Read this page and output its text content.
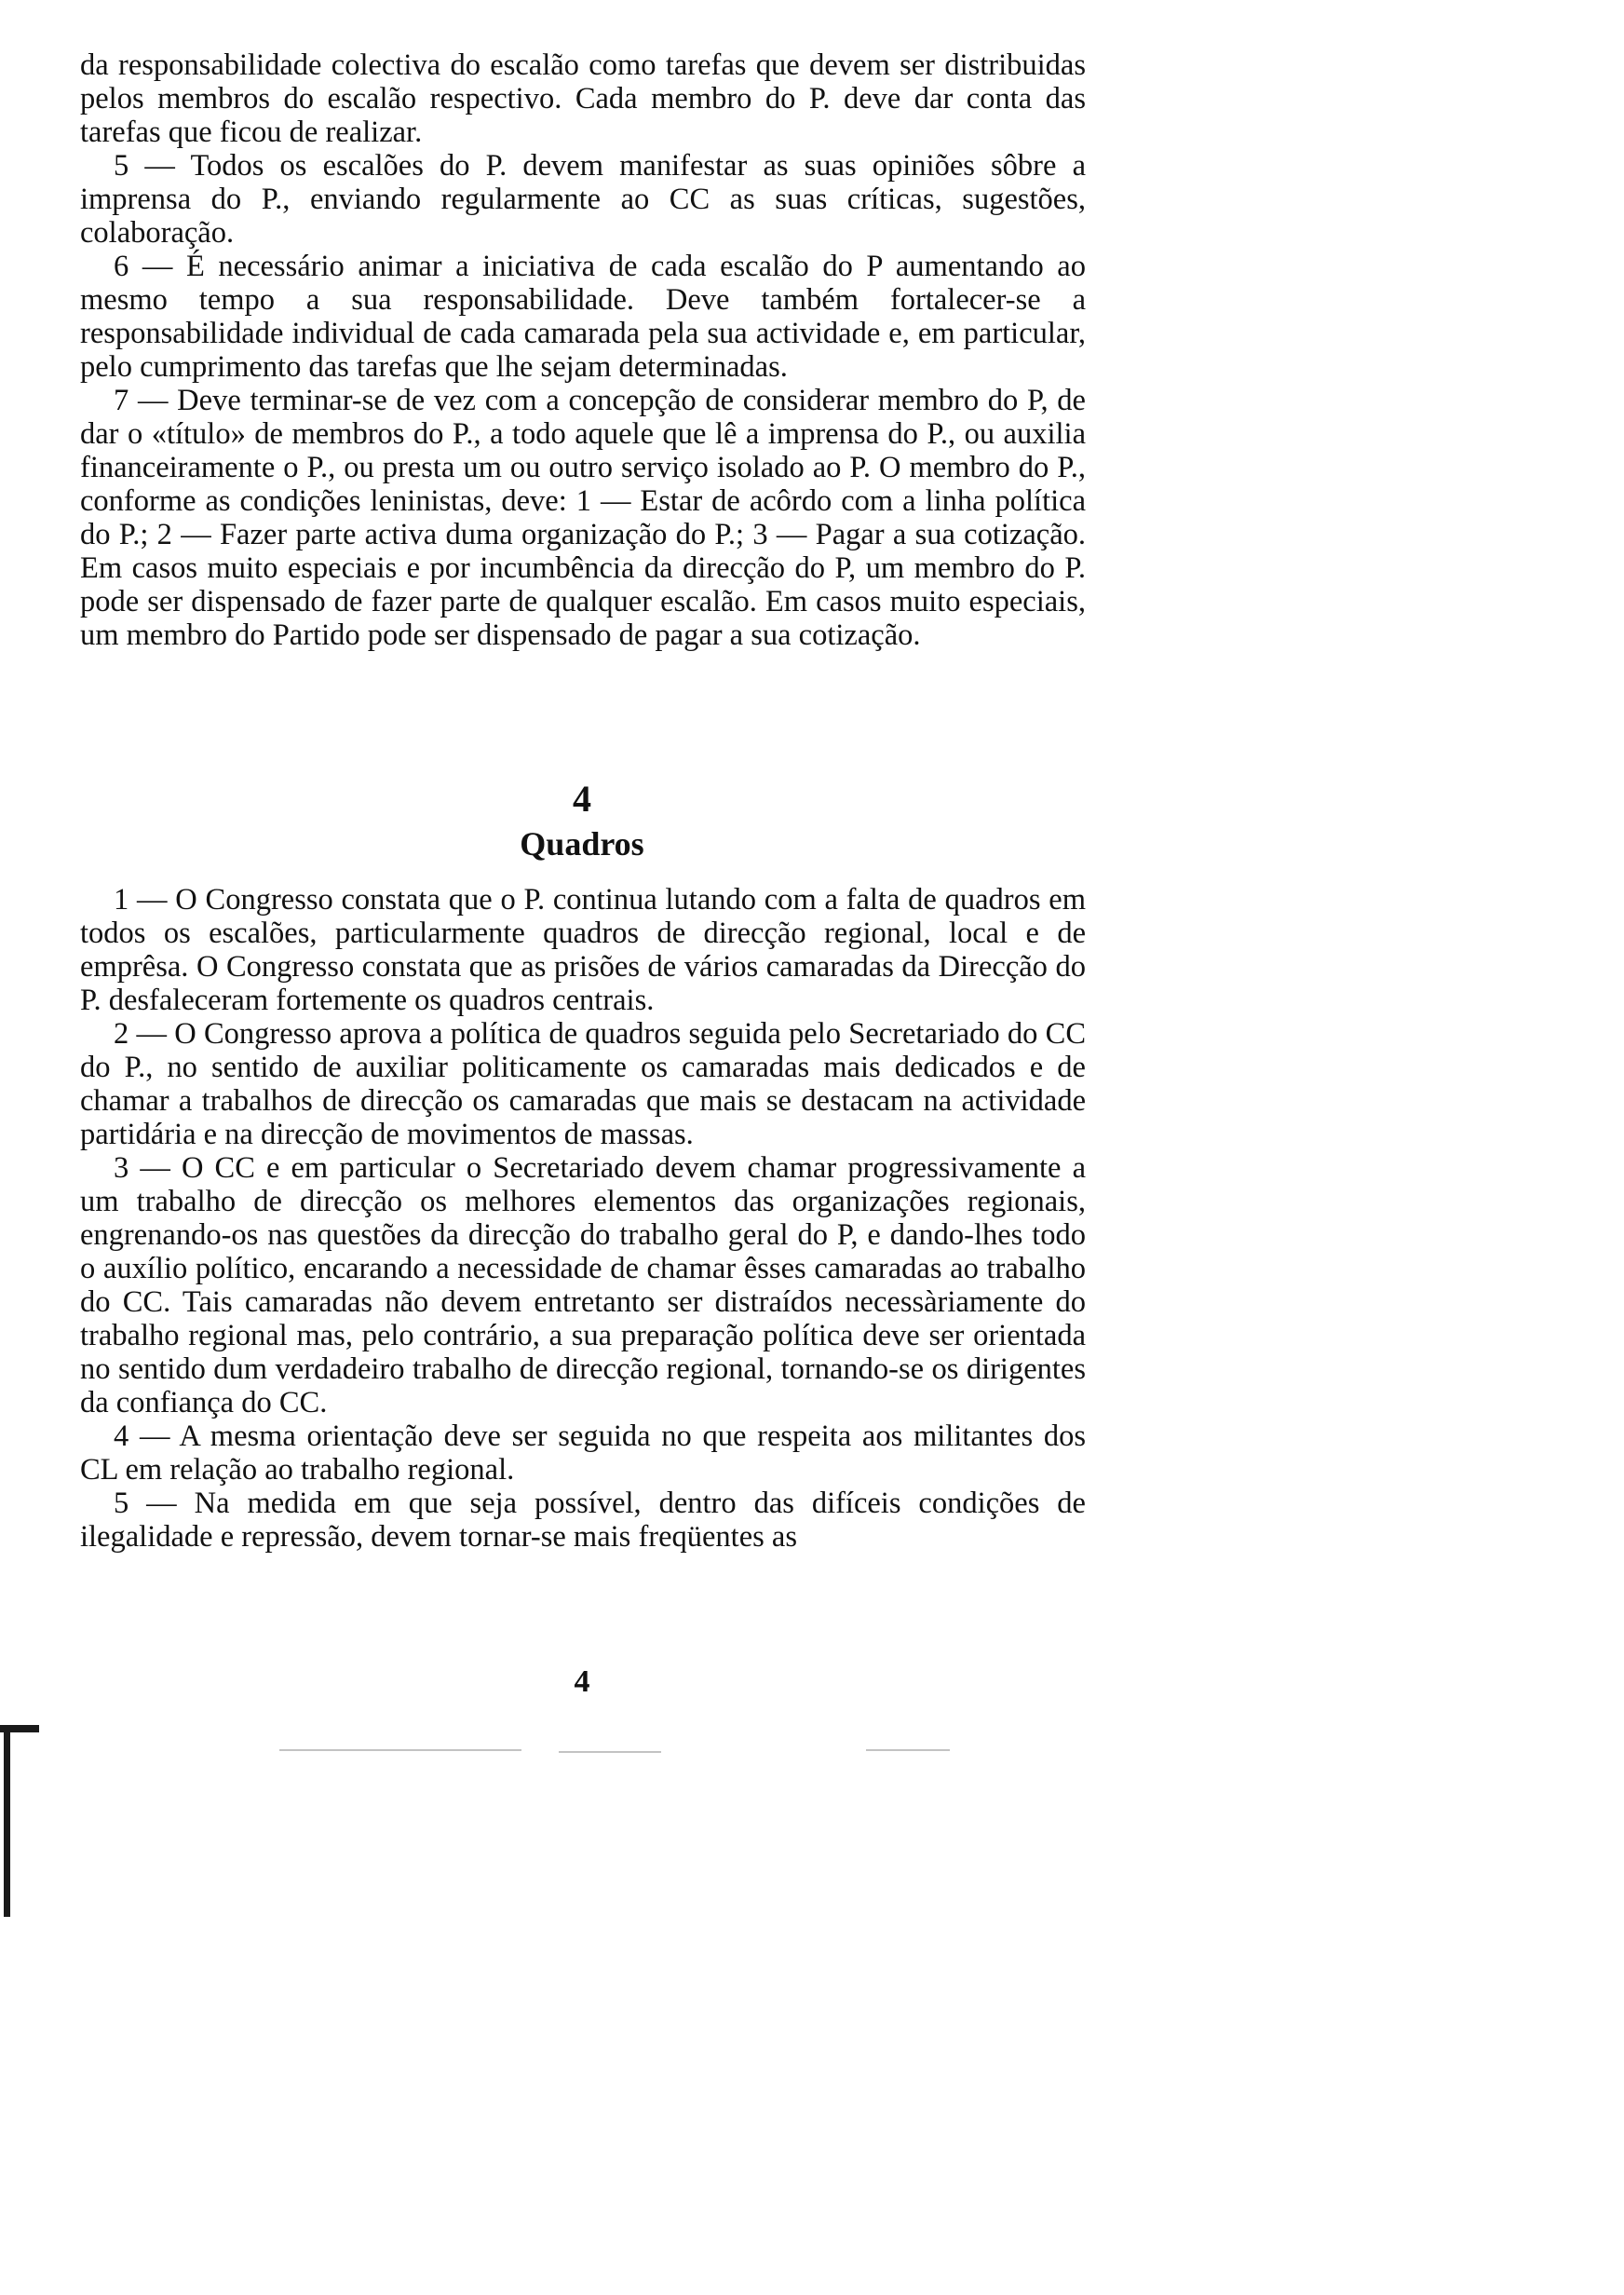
da responsabilidade colectiva do escalão como tarefas que devem ser distribuidas pelos membros do escalão respectivo. Cada membro do P. deve dar conta das tarefas que ficou de realizar.

5 — Todos os escalões do P. devem manifestar as suas opiniões sôbre a imprensa do P., enviando regularmente ao CC as suas críticas, sugestões, colaboração.

6 — É necessário animar a iniciativa de cada escalão do P aumentando ao mesmo tempo a sua responsabilidade. Deve também fortalecer-se a responsabilidade individual de cada camarada pela sua actividade e, em particular, pelo cumprimento das tarefas que lhe sejam determinadas.

7 — Deve terminar-se de vez com a concepção de considerar membro do P, de dar o «título» de membros do P., a todo aquele que lê a imprensa do P., ou auxilia financeiramente o P., ou presta um ou outro serviço isolado ao P. O membro do P., conforme as condições leninistas, deve: 1 — Estar de acôrdo com a linha política do P.; 2 — Fazer parte activa duma organização do P.; 3 — Pagar a sua cotização. Em casos muito especiais e por incumbência da direcção do P, um membro do P. pode ser dispensado de fazer parte de qualquer escalão. Em casos muito especiais, um membro do Partido pode ser dispensado de pagar a sua cotização.

4
Quadros

1 — O Congresso constata que o P. continua lutando com a falta de quadros em todos os escalões, particularmente quadros de direcção regional, local e de emprêsa. O Congresso constata que as prisões de vários camaradas da Direcção do P. desfaleceram fortemente os quadros centrais.

2 — O Congresso aprova a política de quadros seguida pelo Secretariado do CC do P., no sentido de auxiliar politicamente os camaradas mais dedicados e de chamar a trabalhos de direcção os camaradas que mais se destacam na actividade partidária e na direcção de movimentos de massas.

3 — O CC e em particular o Secretariado devem chamar progressivamente a um trabalho de direcção os melhores elementos das organizações regionais, engrenando-os nas questões da direcção do trabalho geral do P, e dando-lhes todo o auxílio político, encarando a necessidade de chamar êsses camaradas ao trabalho do CC. Tais camaradas não devem entretanto ser distraídos necessàriamente do trabalho regional mas, pelo contrário, a sua preparação política deve ser orientada no sentido dum verdadeiro trabalho de direcção regional, tornando-se os dirigentes da confiança do CC.

4 — A mesma orientação deve ser seguida no que respeita aos militantes dos CL em relação ao trabalho regional.

5 — Na medida em que seja possível, dentro das difíceis condições de ilegalidade e repressão, devem tornar-se mais freqüentes as

4
